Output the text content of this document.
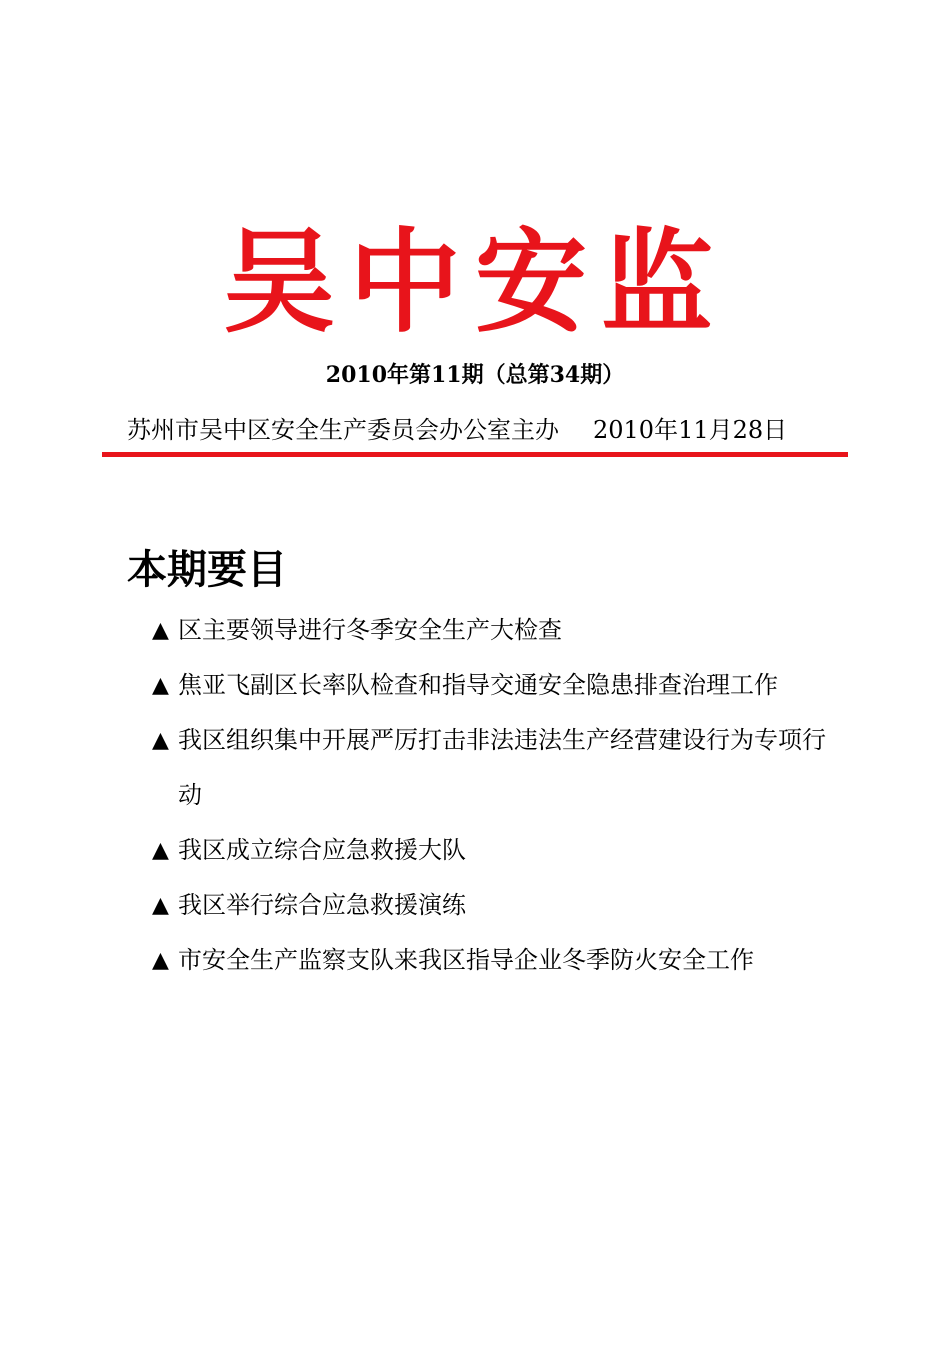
吴中安监
2010年第11期（总第34期）
苏州市吴中区安全生产委员会办公室主办 2010年11月28日
本期要目
▲ 区主要领导进行冬季安全生产大检查
▲ 焦亚飞副区长率队检查和指导交通安全隐患排查治理工作
▲ 我区组织集中开展严厉打击非法违法生产经营建设行为专项行动
▲ 我区成立综合应急救援大队
▲ 我区举行综合应急救援演练
▲ 市安全生产监察支队来我区指导企业冬季防火安全工作
